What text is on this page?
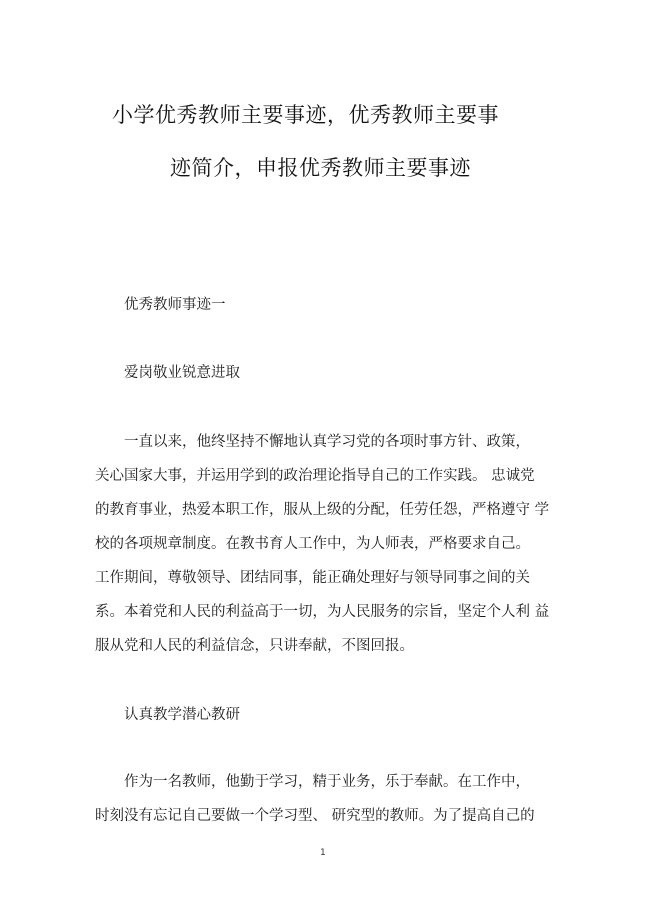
小学优秀教师主要事迹，优秀教师主要事
迹简介，申报优秀教师主要事迹
优秀教师事迹一
爱岗敬业锐意进取
一直以来，他终坚持不懈地认真学习党的各项时事方针、政策，
关心国家大事，并运用学到的政治理论指导自己的工作实践。 忠诚党
的教育事业，热爱本职工作，服从上级的分配，任劳任怨，严格遵守 学
校的各项规章制度。在教书育人工作中，为人师表，严格要求自己。
工作期间，尊敬领导、团结同事，能正确处理好与领导同事之间的关
系。本着党和人民的利益高于一切，为人民服务的宗旨，坚定个人利 益
服从党和人民的利益信念，只讲奉献，不图回报。
认真教学潜心教研
作为一名教师，他勤于学习，精于业务，乐于奉献。在工作中，
时刻没有忘记自己要做一个学习型、 研究型的教师。为了提高自己的
1
